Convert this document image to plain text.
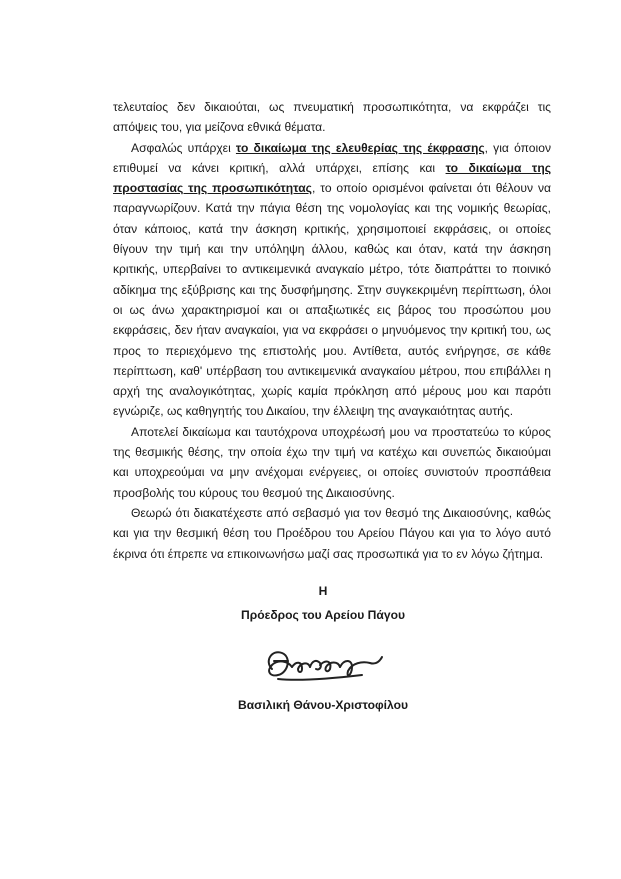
τελευταίος δεν δικαιούται, ως πνευματική προσωπικότητα, να εκφράζει τις απόψεις του, για μείζονα εθνικά θέματα.

Ασφαλώς υπάρχει το δικαίωμα της ελευθερίας της έκφρασης, για όποιον επιθυμεί να κάνει κριτική, αλλά υπάρχει, επίσης και το δικαίωμα της προστασίας της προσωπικότητας, το οποίο ορισμένοι φαίνεται ότι θέλουν να παραγνωρίζουν. Κατά την πάγια θέση της νομολογίας και της νομικής θεωρίας, όταν κάποιος, κατά την άσκηση κριτικής, χρησιμοποιεί εκφράσεις, οι οποίες θίγουν την τιμή και την υπόληψη άλλου, καθώς και όταν, κατά την άσκηση κριτικής, υπερβαίνει το αντικειμενικά αναγκαίο μέτρο, τότε διαπράττει το ποινικό αδίκημα της εξύβρισης και της δυσφήμησης. Στην συγκεκριμένη περίπτωση, όλοι οι ως άνω χαρακτηρισμοί και οι απαξιωτικές εις βάρος του προσώπου μου εκφράσεις, δεν ήταν αναγκαίοι, για να εκφράσει ο μηνυόμενος την κριτική του, ως προς το περιεχόμενο της επιστολής μου. Αντίθετα, αυτός ενήργησε, σε κάθε περίπτωση, καθ' υπέρβαση του αντικειμενικά αναγκαίου μέτρου, που επιβάλλει η αρχή της αναλογικότητας, χωρίς καμία πρόκληση από μέρους μου και παρότι εγνώριζε, ως καθηγητής του Δικαίου, την έλλειψη της αναγκαιότητας αυτής.

Αποτελεί δικαίωμα και ταυτόχρονα υποχρέωσή μου να προστατεύω το κύρος της θεσμικής θέσης, την οποία έχω την τιμή να κατέχω και συνεπώς δικαιούμαι και υποχρεούμαι να μην ανέχομαι ενέργειες, οι οποίες συνιστούν προσπάθεια προσβολής του κύρους του θεσμού της Δικαιοσύνης.

Θεωρώ ότι διακατέχεστε από σεβασμό για τον θεσμό της Δικαιοσύνης, καθώς και για την θεσμική θέση του Προέδρου του Αρείου Πάγου και για το λόγο αυτό έκρινα ότι έπρεπε να επικοινωνήσω μαζί σας προσωπικά για το εν λόγω ζήτημα.

Η
Πρόεδρος του Αρείου Πάγου
Βασιλική Θάνου-Χριστοφίλου
